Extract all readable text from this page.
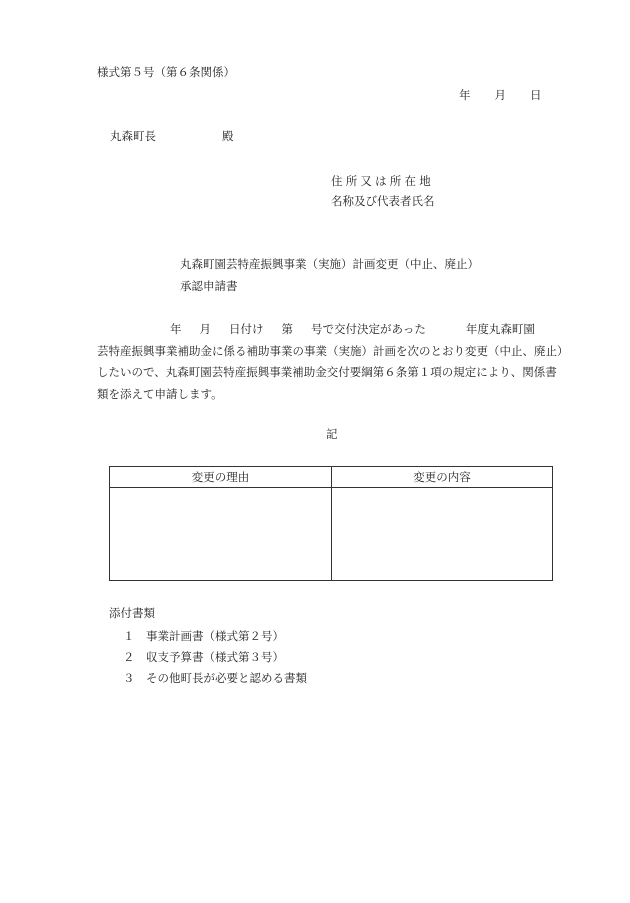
様式第５号（第６条関係）
年 月 日
丸森町長	殿
住所又は所在地
名称及び代表者氏名
丸森町園芸特産振興事業（実施）計画変更（中止、廃止）
承認申請書
年 月 日付け 第 号で交付決定があった	年度丸森町園
芸特産振興事業補助金に係る補助事業の事業（実施）計画を次のとおり変更（中止、廃止）
したいので、丸森町園芸特産振興事業補助金交付要綱第６条第１項の規定により、関係書
類を添えて申請します。
記
変更の理由	変更の内容
添付書類
１ 事業計画書（様式第２号）
２ 収支予算書（様式第３号）
３ その他町長が必要と認める書類
